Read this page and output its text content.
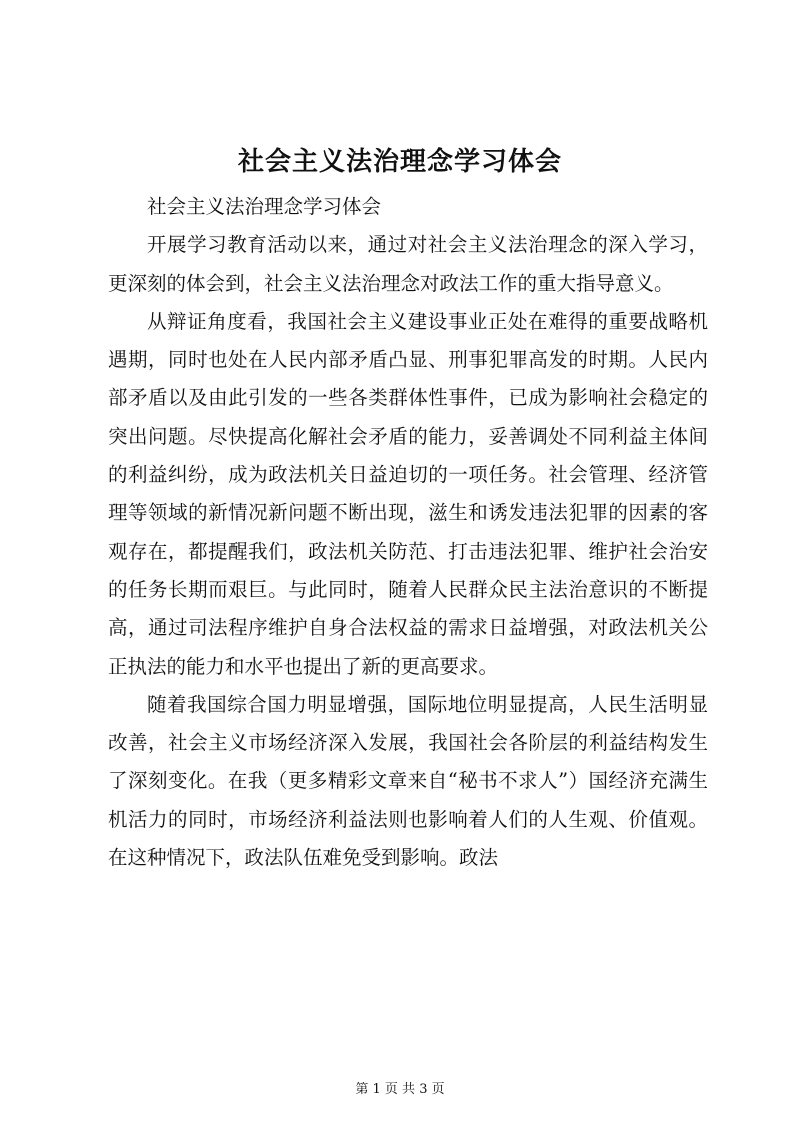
社会主义法治理念学习体会

社会主义法治理念学习体会

开展学习教育活动以来，通过对社会主义法治理念的深入学习，更深刻的体会到，社会主义法治理念对政法工作的重大指导意义。

从辩证角度看，我国社会主义建设事业正处在难得的重要战略机遇期，同时也处在人民内部矛盾凸显、刑事犯罪高发的时期。人民内部矛盾以及由此引发的一些各类群体性事件，已成为影响社会稳定的突出问题。尽快提高化解社会矛盾的能力，妥善调处不同利益主体间的利益纠纷，成为政法机关日益迫切的一项任务。社会管理、经济管理等领域的新情况新问题不断出现，滋生和诱发违法犯罪的因素的客观存在，都提醒我们，政法机关防范、打击违法犯罪、维护社会治安的任务长期而艰巨。与此同时，随着人民群众民主法治意识的不断提高，通过司法程序维护自身合法权益的需求日益增强，对政法机关公正执法的能力和水平也提出了新的更高要求。

随着我国综合国力明显增强，国际地位明显提高，人民生活明显改善，社会主义市场经济深入发展，我国社会各阶层的利益结构发生了深刻变化。在我（更多精彩文章来自“秘书不求人”）国经济充满生机活力的同时，市场经济利益法则也影响着人们的人生观、价值观。在这种情况下，政法队伍难免受到影响。政法

第 1 页 共 3 页
